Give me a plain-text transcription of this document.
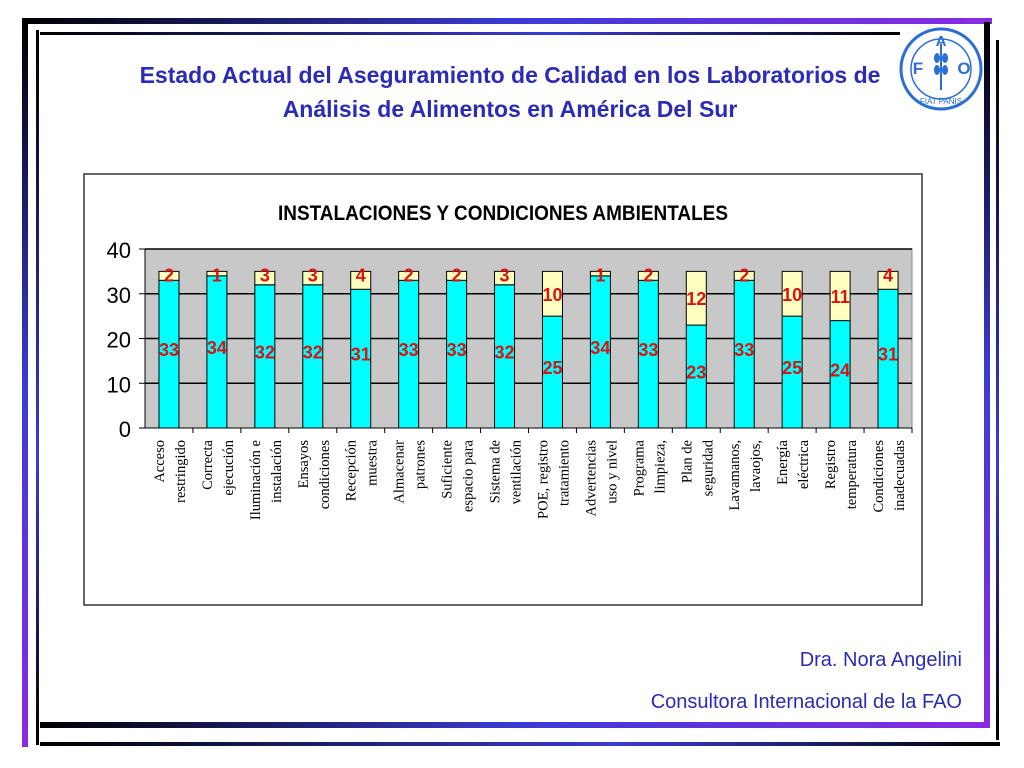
Estado Actual del Aseguramiento de Calidad en los Laboratorios de Análisis de Alimentos en América Del Sur
F
A
O
FIAT PANIS
INSTALACIONES Y CONDICIONES AMBIENTALES
0
10
20
30
40
33
2
Acceso restringido
34
1
Correcta ejecución
32
3
Iluminación e instalación
32
3
Ensayos condiciones
31
4
Recepción muestra
33
2
Almacenar patrones
33
2
Suficiente espacio para
32
3
Sistema de ventilación
25
10
POE, registro tratamiento
34
1
Advertencias uso y nivel
33
2
Programa limpieza,
23
12
Plan de seguridad
33
2
Lavamanos, lavaojos,
25
10
Energía eléctrica
24
11
Registro temperatura
31
4
Condiciones inadecuadas
Dra. Nora Angelini
Consultora Internacional de la FAO
